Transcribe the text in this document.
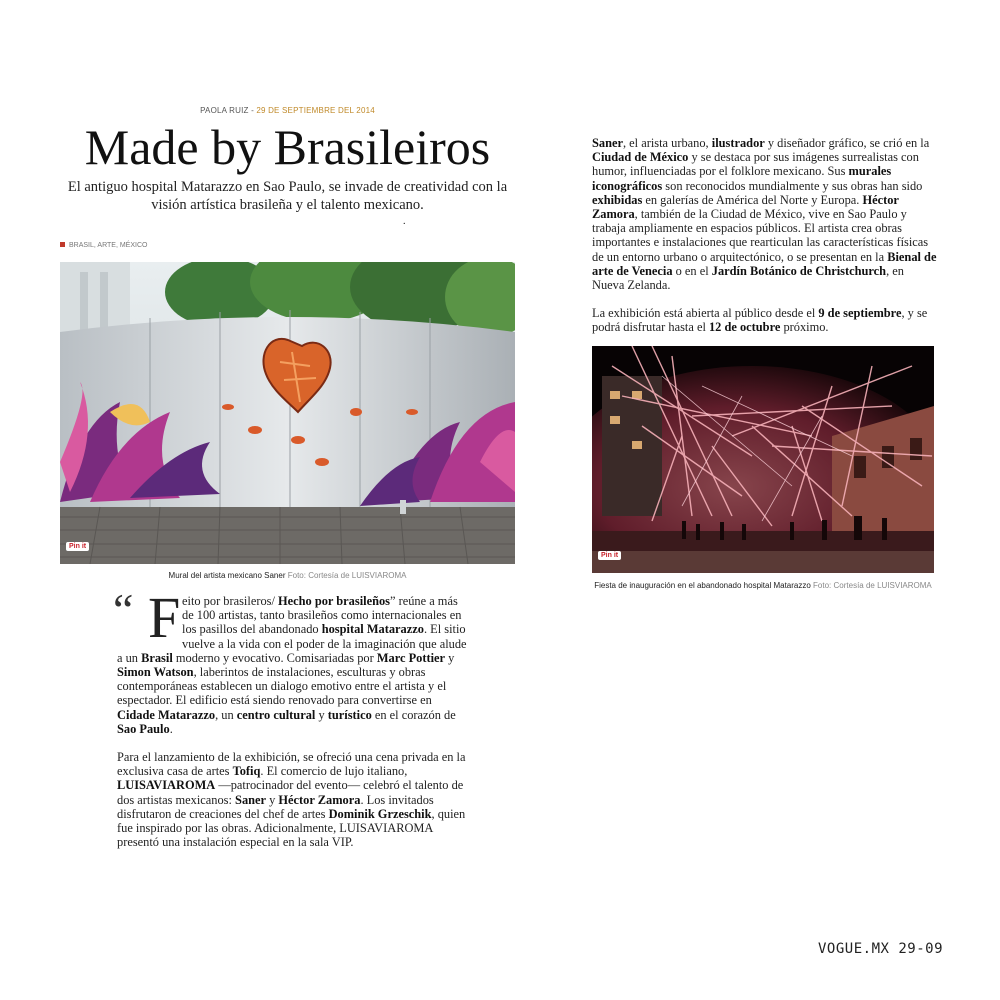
PAOLA RUIZ - 29 DE SEPTIEMBRE DEL 2014
Made by Brasileiros
El antiguo hospital Matarazzo en Sao Paulo, se invade de creatividad con la visión artística brasileña y el talento mexicano.
.
BRASIL, ARTE, MÉXICO
Pin it
Mural del artista mexicano Saner Foto: Cortesía de LUISVIAROMA
“ F eito por brasileros/ Hecho por brasileños” reúne a más de 100 artistas, tanto brasileños como internacionales en los pasillos del abandonado hospital Matarazzo. El sitio vuelve a la vida con el poder de la imaginación que alude a un Brasil moderno y evocativo. Comisariadas por Marc Pottier y Simon Watson, laberintos de instalaciones, esculturas y obras contemporáneas establecen un dialogo emotivo entre el artista y el espectador. El edificio está siendo renovado para convertirse en Cidade Matarazzo, un centro cultural y turístico en el corazón de Sao Paulo.

Para el lanzamiento de la exhibición, se ofreció una cena privada en la exclusiva casa de artes Tofiq. El comercio de lujo italiano, LUISAVIAROMA —patrocinador del evento— celebró el talento de dos artistas mexicanos: Saner y Héctor Zamora. Los invitados disfrutaron de creaciones del chef de artes Dominik Grzeschik, quien fue inspirado por las obras. Adicionalmente, LUISAVIAROMA presentó una instalación especial en la sala VIP.

Saner, el arista urbano, ilustrador y diseñador gráfico, se crió en la Ciudad de México y se destaca por sus imágenes surrealistas con humor, influenciadas por el folklore mexicano. Sus murales iconográficos son reconocidos mundialmente y sus obras han sido exhibidas en galerías de América del Norte y Europa. Héctor Zamora, también de la Ciudad de México, vive en Sao Paulo y trabaja ampliamente en espacios públicos. El artista crea obras importantes e instalaciones que rearticulan las características físicas de un entorno urbano o arquitectónico, o se presentan en la Bienal de arte de Venecia o en el Jardín Botánico de Christchurch, en Nueva Zelanda.

La exhibición está abierta al público desde el 9 de septiembre, y se podrá disfrutar hasta el 12 de octubre próximo.

Pin it
Fiesta de inauguración en el abandonado hospital Matarazzo Foto: Cortesía de LUISVIAROMA
VOGUE.MX 29-09
